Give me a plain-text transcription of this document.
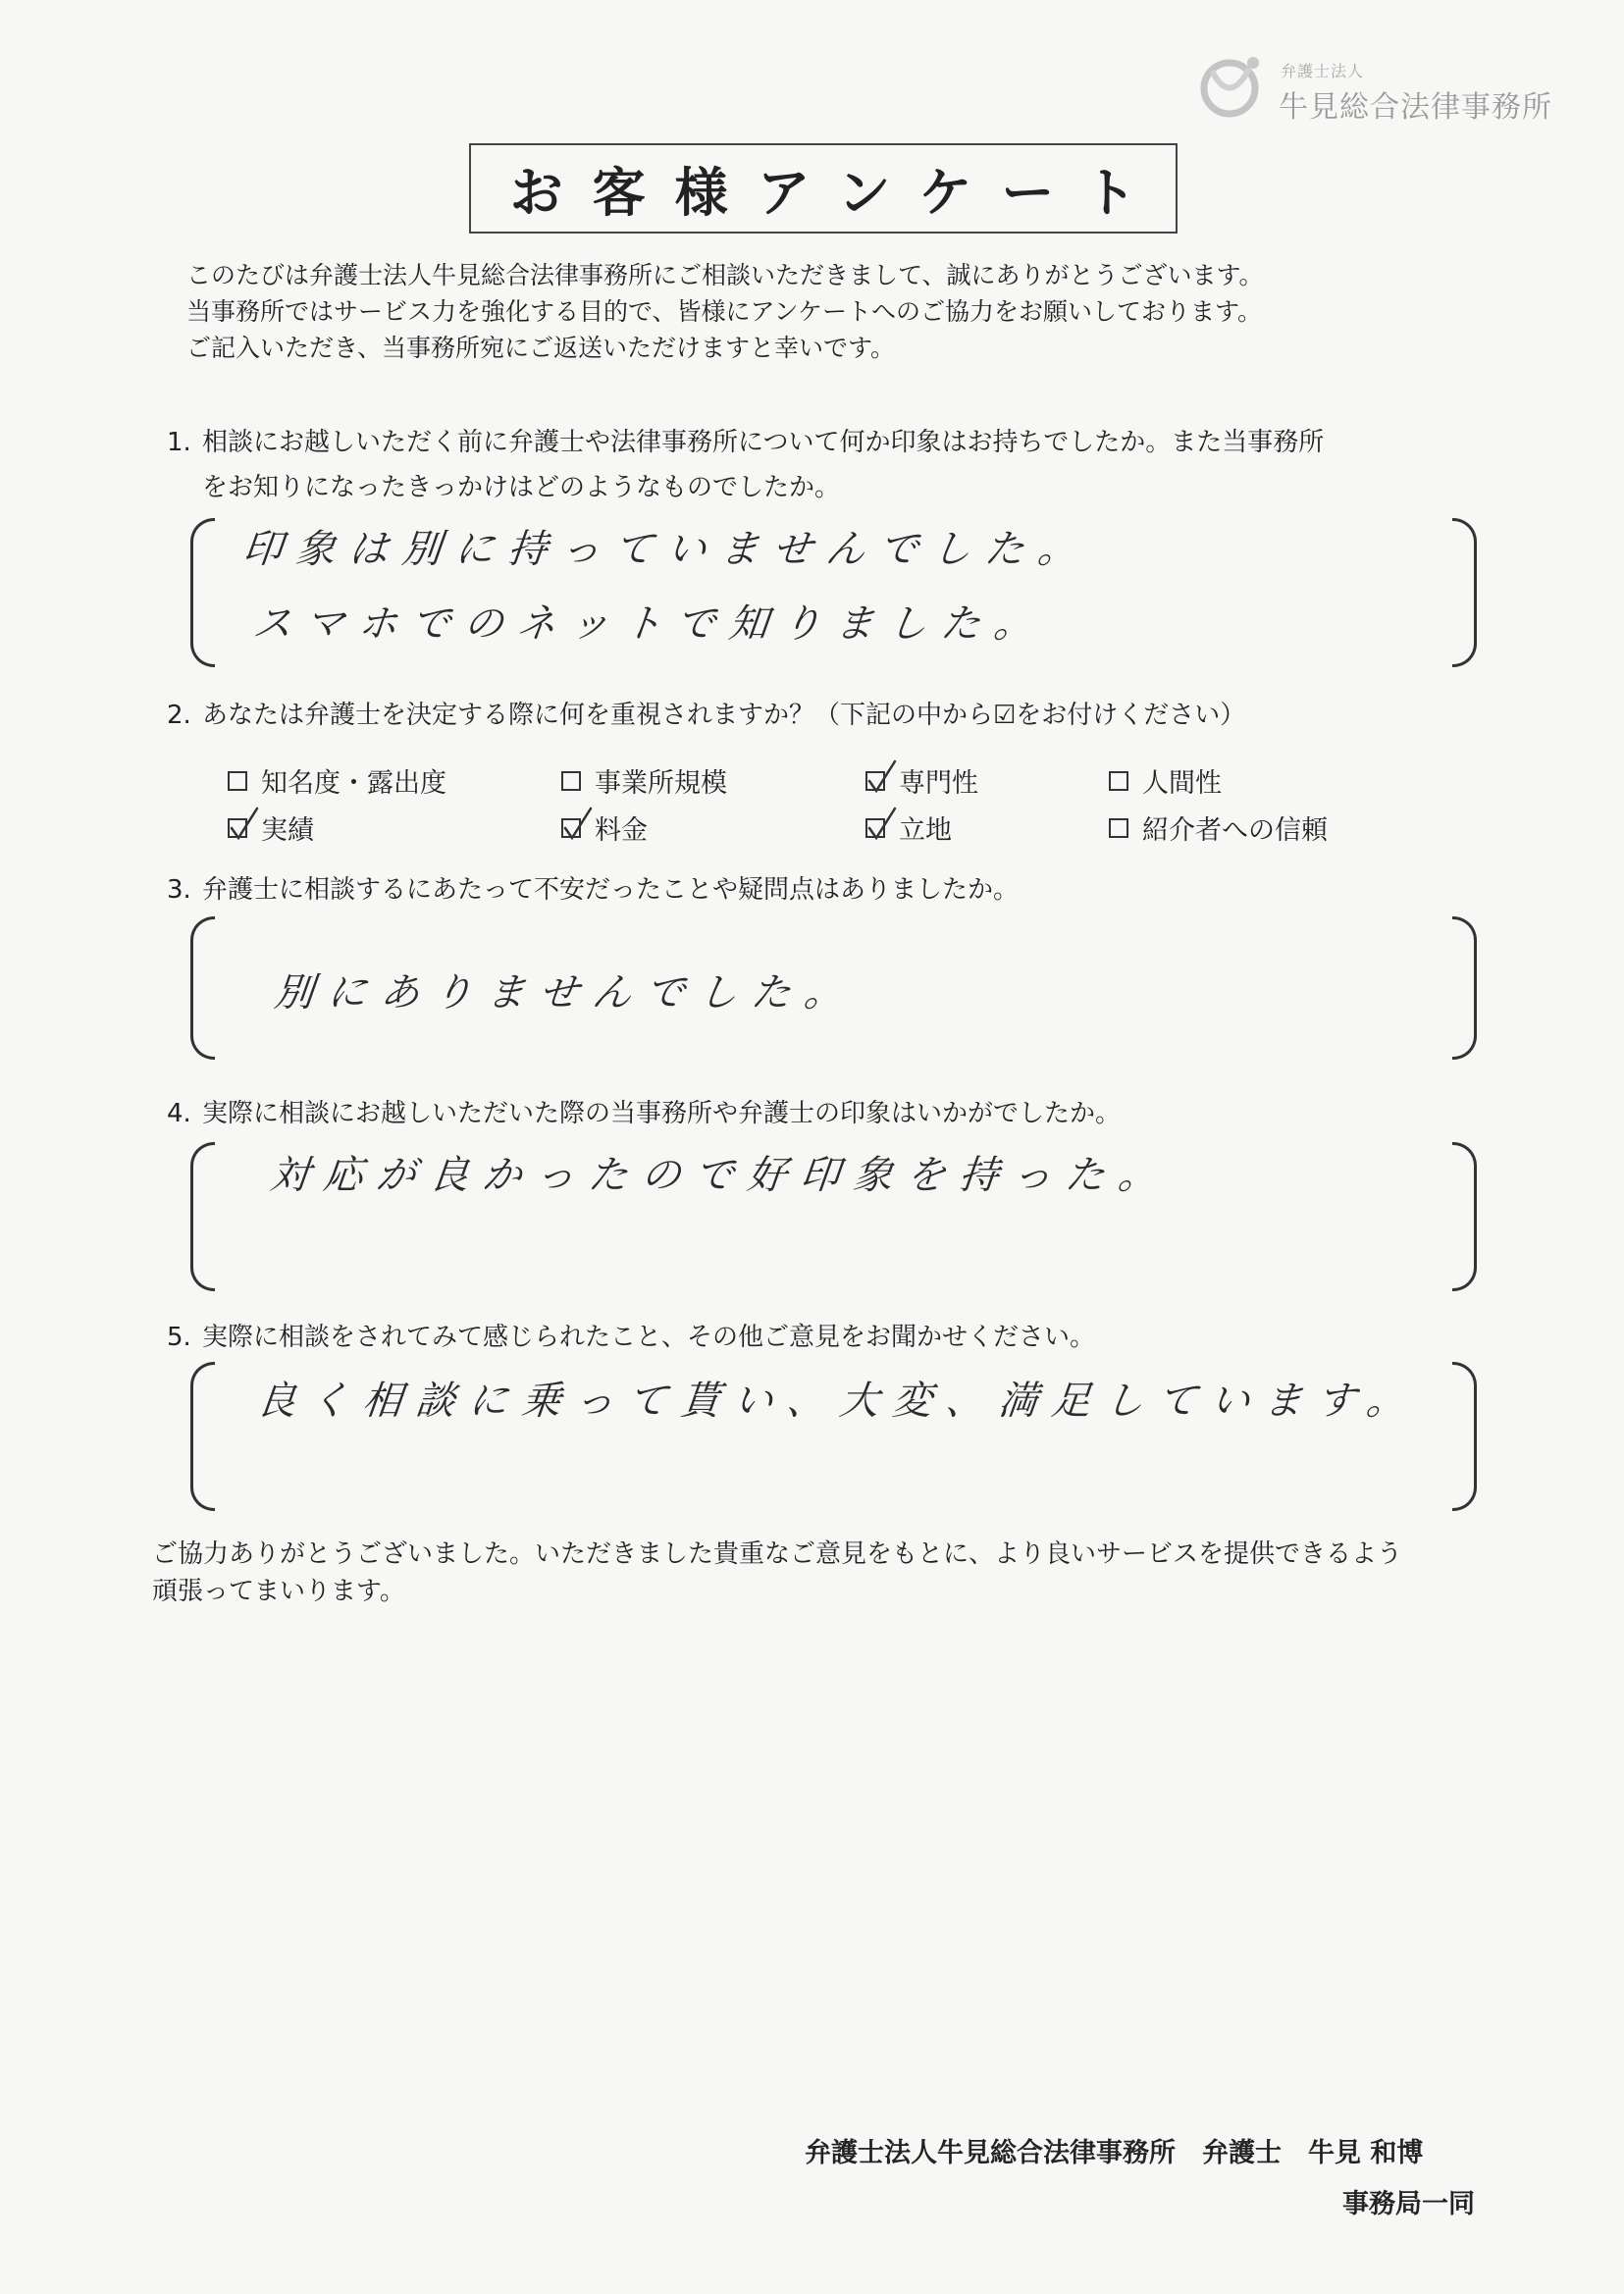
弁護士法人
牛見総合法律事務所
お客様アンケート
このたびは弁護士法人牛見総合法律事務所にご相談いただきまして、誠にありがとうございます。
当事務所ではサービス力を強化する目的で、皆様にアンケートへのご協力をお願いしております。
ご記入いただき、当事務所宛にご返送いただけますと幸いです。
1. 相談にお越しいただく前に弁護士や法律事務所について何か印象はお持ちでしたか。また当事務所
をお知りになったきっかけはどのようなものでしたか。
印象は別に持っていませんでした。
スマホでのネットで知りました。
2. あなたは弁護士を決定する際に何を重視されますか？（下記の中から☑をお付けください）
知名度・露出度	事業所規模	専門性	人間性
実績	料金	立地	紹介者への信頼
3. 弁護士に相談するにあたって不安だったことや疑問点はありましたか。
別にありませんでした。
4. 実際に相談にお越しいただいた際の当事務所や弁護士の印象はいかがでしたか。
対応が良かったので好印象を持った。
5. 実際に相談をされてみて感じられたこと、その他ご意見をお聞かせください。
良く相談に乗って貰い、大変、満足しています。
ご協力ありがとうございました。いただきました貴重なご意見をもとに、より良いサービスを提供できるよう
頑張ってまいります。
弁護士法人牛見総合法律事務所　弁護士　牛見 和博
事務局一同
